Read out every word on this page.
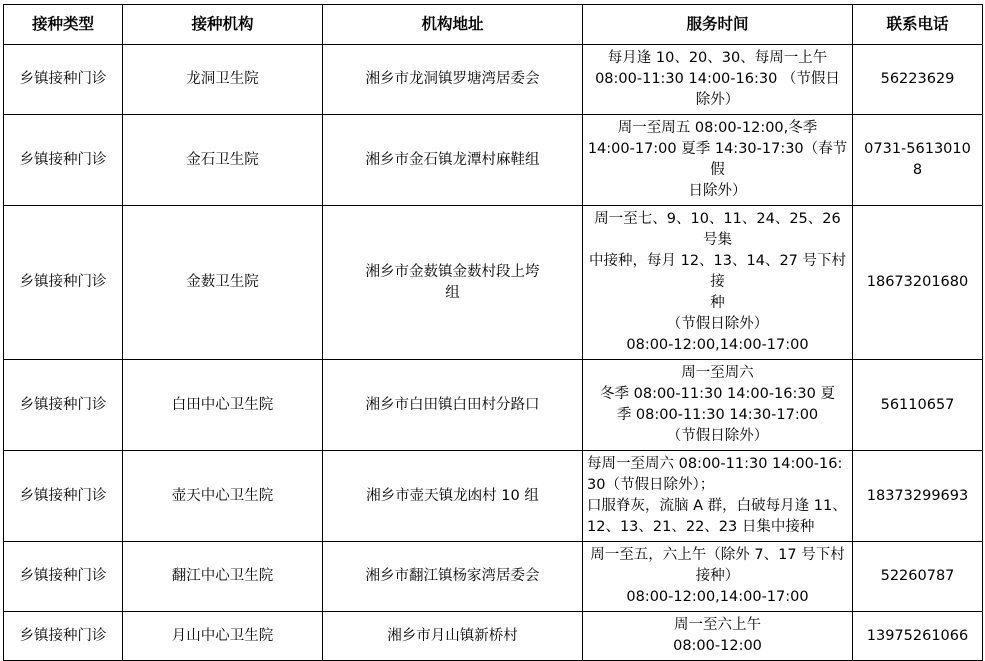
接种类型	接种机构	机构地址	服务时间	联系电话
乡镇接种门诊	龙洞卫生院	湘乡市龙洞镇罗塘湾居委会	每月逢 10、20、30、每周一上午
08:00-11:30 14:00-16:30 （节假日
除外）	56223629
乡镇接种门诊	金石卫生院	湘乡市金石镇龙潭村麻鞋组	周一至周五 08:00-12:00,冬季
14:00-17:00 夏季 14:30-17:30（春节假
日除外）	0731-5613010
8
乡镇接种门诊	金薮卫生院	湘乡市金薮镇金薮村段上垮
组	周一至七、9、10、11、24、25、26 号集
中接种，每月 12、13、14、27 号下村接
种
（节假日除外）
08:00-12:00,14:00-17:00	18673201680
乡镇接种门诊	白田中心卫生院	湘乡市白田镇白田村分路口	周一至周六
冬季 08:00-11:30 14:00-16:30 夏
季 08:00-11:30 14:30-17:00
（节假日除外）	56110657
乡镇接种门诊	壶天中心卫生院	湘乡市壶天镇龙凼村 10 组	每周一至周六 08:00-11:30 14:00-16:
30（节假日除外）；
口服脊灰，流脑 A 群，白破每月逢 11、
12、13、21、22、23 日集中接种	18373299693
乡镇接种门诊	翻江中心卫生院	湘乡市翻江镇杨家湾居委会	周一至五，六上午（除外 7、17 号下村
接种）
08:00-12:00,14:00-17:00	52260787
乡镇接种门诊	月山中心卫生院	湘乡市月山镇新桥村	周一至六上午
08:00-12:00	13975261066
